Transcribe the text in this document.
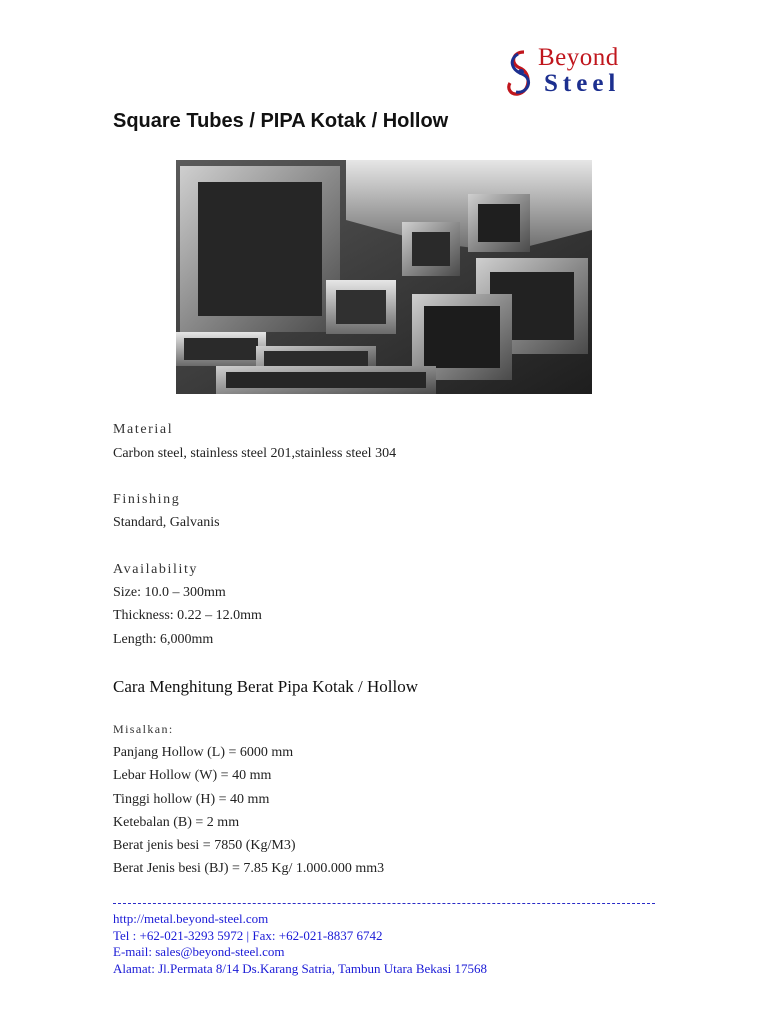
Beyond
Steel
Square Tubes / PIPA Kotak / Hollow
Material
Carbon steel, stainless steel 201,stainless steel 304
Finishing
Standard, Galvanis
Availability
Size: 10.0 – 300mm
Thickness: 0.22 – 12.0mm
Length: 6,000mm
Cara Menghitung Berat Pipa Kotak / Hollow
Misalkan:
Panjang Hollow (L) = 6000 mm
Lebar Hollow (W) = 40 mm
Tinggi hollow (H) = 40 mm
Ketebalan (B) = 2 mm
Berat jenis besi = 7850 (Kg/M3)
Berat Jenis besi (BJ) = 7.85 Kg/ 1.000.000 mm3
http://metal.beyond-steel.com
Tel : +62-021-3293 5972 | Fax: +62-021-8837 6742
E-mail: sales@beyond-steel.com
Alamat: Jl.Permata 8/14 Ds.Karang Satria, Tambun Utara Bekasi 17568
